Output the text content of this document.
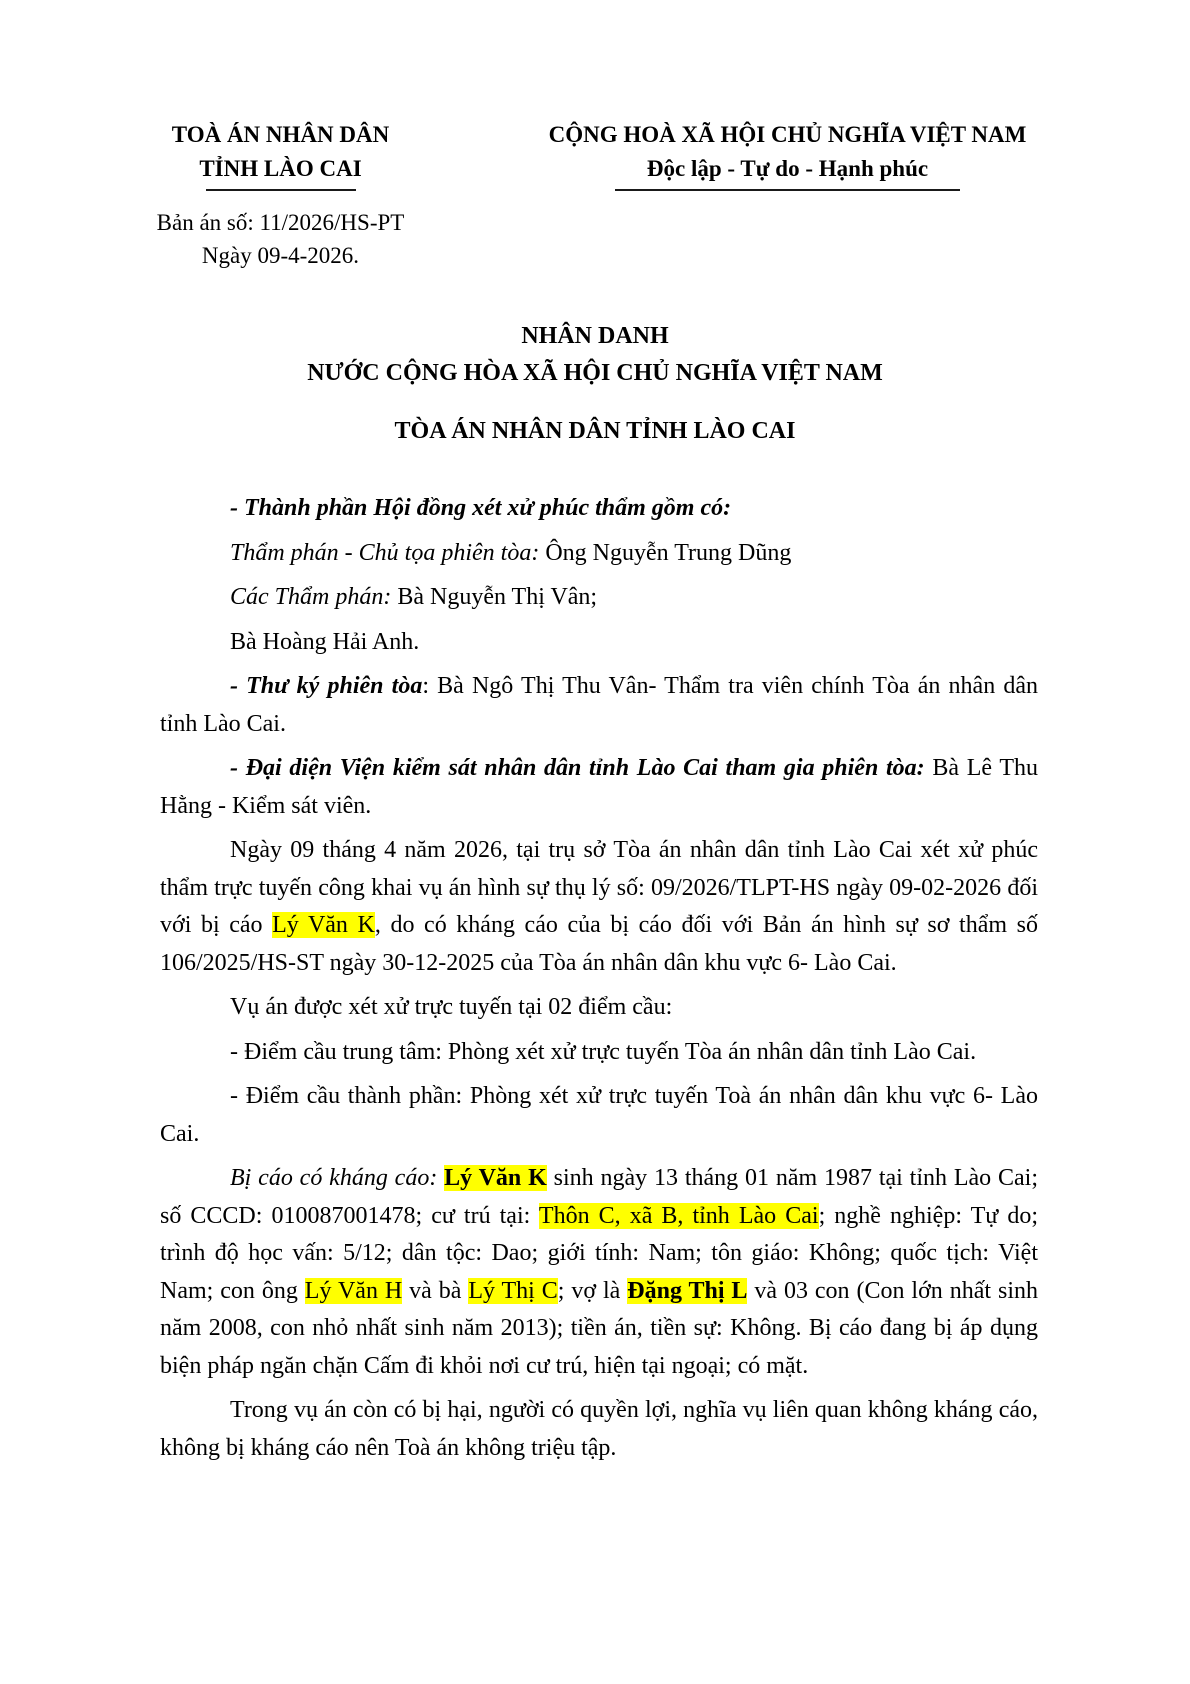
TOÀ ÁN NHÂN DÂN
TỈNH LÀO CAI
Bản án số: 11/2026/HS-PT
Ngày 09-4-2026.
CỘNG HOÀ XÃ HỘI CHỦ NGHĨA VIỆT NAM
Độc lập - Tự do - Hạnh phúc
NHÂN DANH
NƯỚC CỘNG HÒA XÃ HỘI CHỦ NGHĨA VIỆT NAM
TÒA ÁN NHÂN DÂN TỈNH LÀO CAI

- Thành phần Hội đồng xét xử phúc thẩm gồm có:

Thẩm phán - Chủ tọa phiên tòa: Ông Nguyễn Trung Dũng

Các Thẩm phán: Bà Nguyễn Thị Vân;

Bà Hoàng Hải Anh.

- Thư ký phiên tòa: Bà Ngô Thị Thu Vân- Thẩm tra viên chính Tòa án nhân dân tỉnh Lào Cai.

- Đại diện Viện kiểm sát nhân dân tỉnh Lào Cai tham gia phiên tòa: Bà Lê Thu Hằng - Kiểm sát viên.

Ngày 09 tháng 4 năm 2026, tại trụ sở Tòa án nhân dân tỉnh Lào Cai xét xử phúc thẩm trực tuyến công khai vụ án hình sự thụ lý số: 09/2026/TLPT-HS ngày 09-02-2026 đối với bị cáo Lý Văn K, do có kháng cáo của bị cáo đối với Bản án hình sự sơ thẩm số 106/2025/HS-ST ngày 30-12-2025 của Tòa án nhân dân khu vực 6- Lào Cai.

Vụ án được xét xử trực tuyến tại 02 điểm cầu:

- Điểm cầu trung tâm: Phòng xét xử trực tuyến Tòa án nhân dân tỉnh Lào Cai.

- Điểm cầu thành phần: Phòng xét xử trực tuyến Toà án nhân dân khu vực 6- Lào Cai.

Bị cáo có kháng cáo: Lý Văn K sinh ngày 13 tháng 01 năm 1987 tại tỉnh Lào Cai; số CCCD: 010087001478; cư trú tại: Thôn C, xã B, tỉnh Lào Cai; nghề nghiệp: Tự do; trình độ học vấn: 5/12; dân tộc: Dao; giới tính: Nam; tôn giáo: Không; quốc tịch: Việt Nam; con ông Lý Văn H và bà Lý Thị C; vợ là Đặng Thị L và 03 con (Con lớn nhất sinh năm 2008, con nhỏ nhất sinh năm 2013); tiền án, tiền sự: Không. Bị cáo đang bị áp dụng biện pháp ngăn chặn Cấm đi khỏi nơi cư trú, hiện tại ngoại; có mặt.

Trong vụ án còn có bị hại, người có quyền lợi, nghĩa vụ liên quan không kháng cáo, không bị kháng cáo nên Toà án không triệu tập.
